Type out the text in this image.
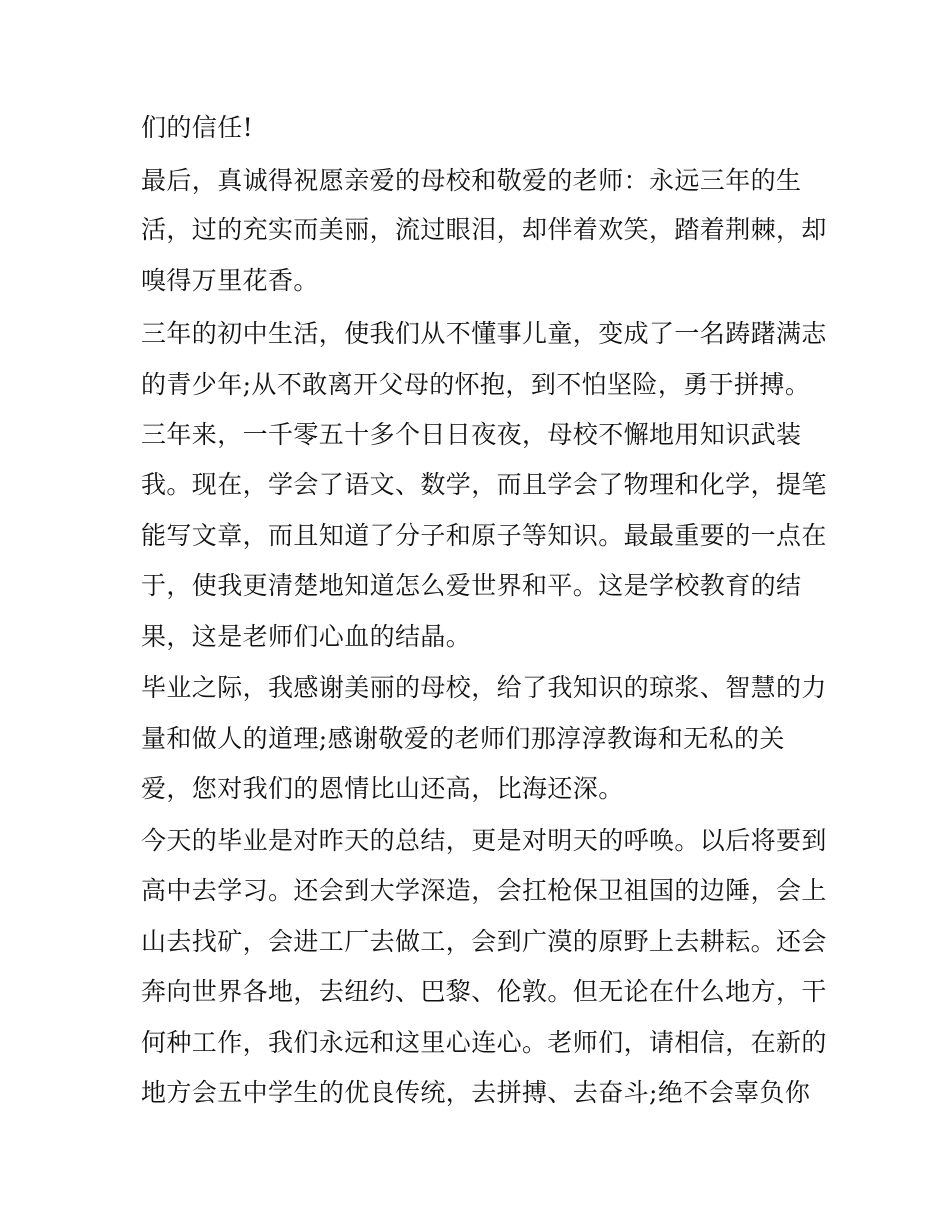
们的信任!

最后，真诚得祝愿亲爱的母校和敬爱的老师：永远三年的生

活，过的充实而美丽，流过眼泪，却伴着欢笑，踏着荆棘，却

嗅得万里花香。

三年的初中生活，使我们从不懂事儿童，变成了一名踌躇满志

的青少年;从不敢离开父母的怀抱，到不怕坚险，勇于拼搏。

三年来，一千零五十多个日日夜夜，母校不懈地用知识武装

我。现在，学会了语文、数学，而且学会了物理和化学，提笔

能写文章，而且知道了分子和原子等知识。最最重要的一点在

于，使我更清楚地知道怎么爱世界和平。这是学校教育的结

果，这是老师们心血的结晶。

毕业之际，我感谢美丽的母校，给了我知识的琼浆、智慧的力

量和做人的道理;感谢敬爱的老师们那淳淳教诲和无私的关

爱，您对我们的恩情比山还高，比海还深。

今天的毕业是对昨天的总结，更是对明天的呼唤。以后将要到

高中去学习。还会到大学深造，会扛枪保卫祖国的边陲，会上

山去找矿，会进工厂去做工，会到广漠的原野上去耕耘。还会

奔向世界各地，去纽约、巴黎、伦敦。但无论在什么地方，干

何种工作，我们永远和这里心连心。老师们，请相信，在新的

地方会五中学生的优良传统，去拼搏、去奋斗;绝不会辜负你
